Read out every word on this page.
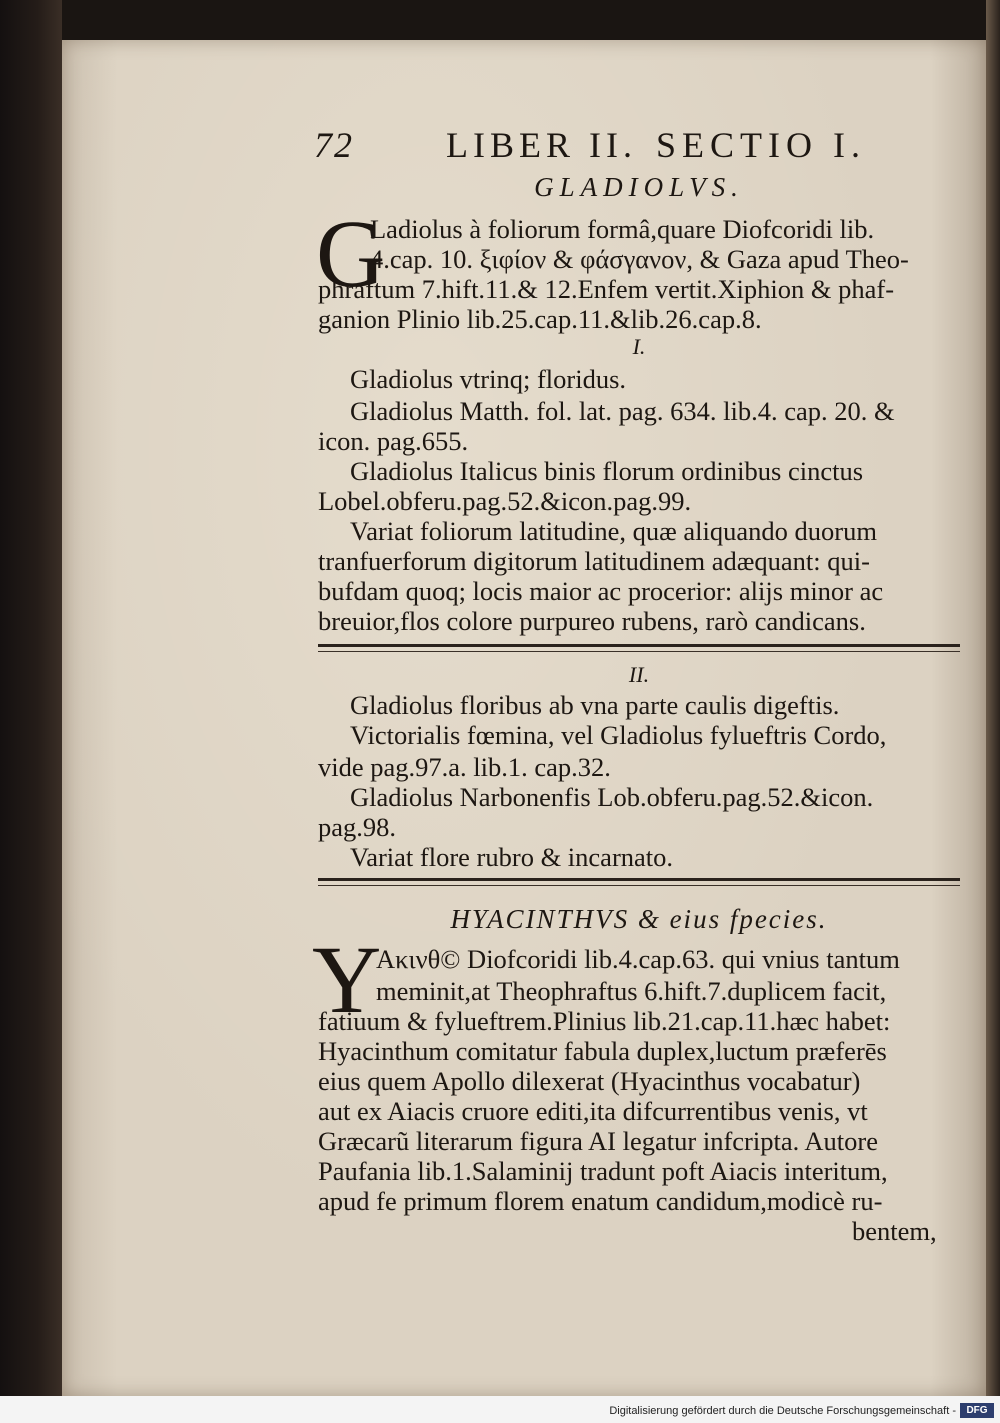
72	LIBER II. SECTIO I.
GLADIOLVS.
G
Ladiolus à foliorum formâ,quare Diofcoridi lib.
4.cap. 10. ξιφίον & φάσγανον, & Gaza apud Theo-
phraftum 7.hift.11.& 12.Enfem vertit.Xiphion & phaf-
ganion Plinio lib.25.cap.11.&lib.26.cap.8.
I.
Gladiolus vtrinq; floridus.
Gladiolus Matth. fol. lat. pag. 634. lib.4. cap. 20. &
icon. pag.655.
Gladiolus Italicus binis florum ordinibus cinctus
Lobel.obferu.pag.52.&icon.pag.99.
Variat foliorum latitudine, quæ aliquando duorum
tranfuerforum digitorum latitudinem adæquant: qui-
bufdam quoq; locis maior ac procerior: alijs minor ac
breuior,flos colore purpureo rubens, rarò candicans.
II.
Gladiolus floribus ab vna parte caulis digeftis.
Victorialis fœmina, vel Gladiolus fylueftris Cordo,
vide pag.97.a. lib.1. cap.32.
Gladiolus Narbonenfis Lob.obferu.pag.52.&icon.
pag.98.
Variat flore rubro & incarnato.
HYACINTHVS & eius fpecies.
Y
Ακινθ© Diofcoridi lib.4.cap.63. qui vnius tantum
meminit,at Theophraftus 6.hift.7.duplicem facit,
fatiuum & fylueftrem.Plinius lib.21.cap.11.hæc habet:
Hyacinthum comitatur fabula duplex,luctum præferēs
eius quem Apollo dilexerat (Hyacinthus vocabatur)
aut ex Aiacis cruore editi,ita difcurrentibus venis, vt
Græcarũ literarum figura AI legatur infcripta. Autore
Paufania lib.1.Salaminij tradunt poft Aiacis interitum,
apud fe primum florem enatum candidum,modicè ru-
bentem,
Digitalisierung gefördert durch die Deutsche Forschungsgemeinschaft -	DFG
